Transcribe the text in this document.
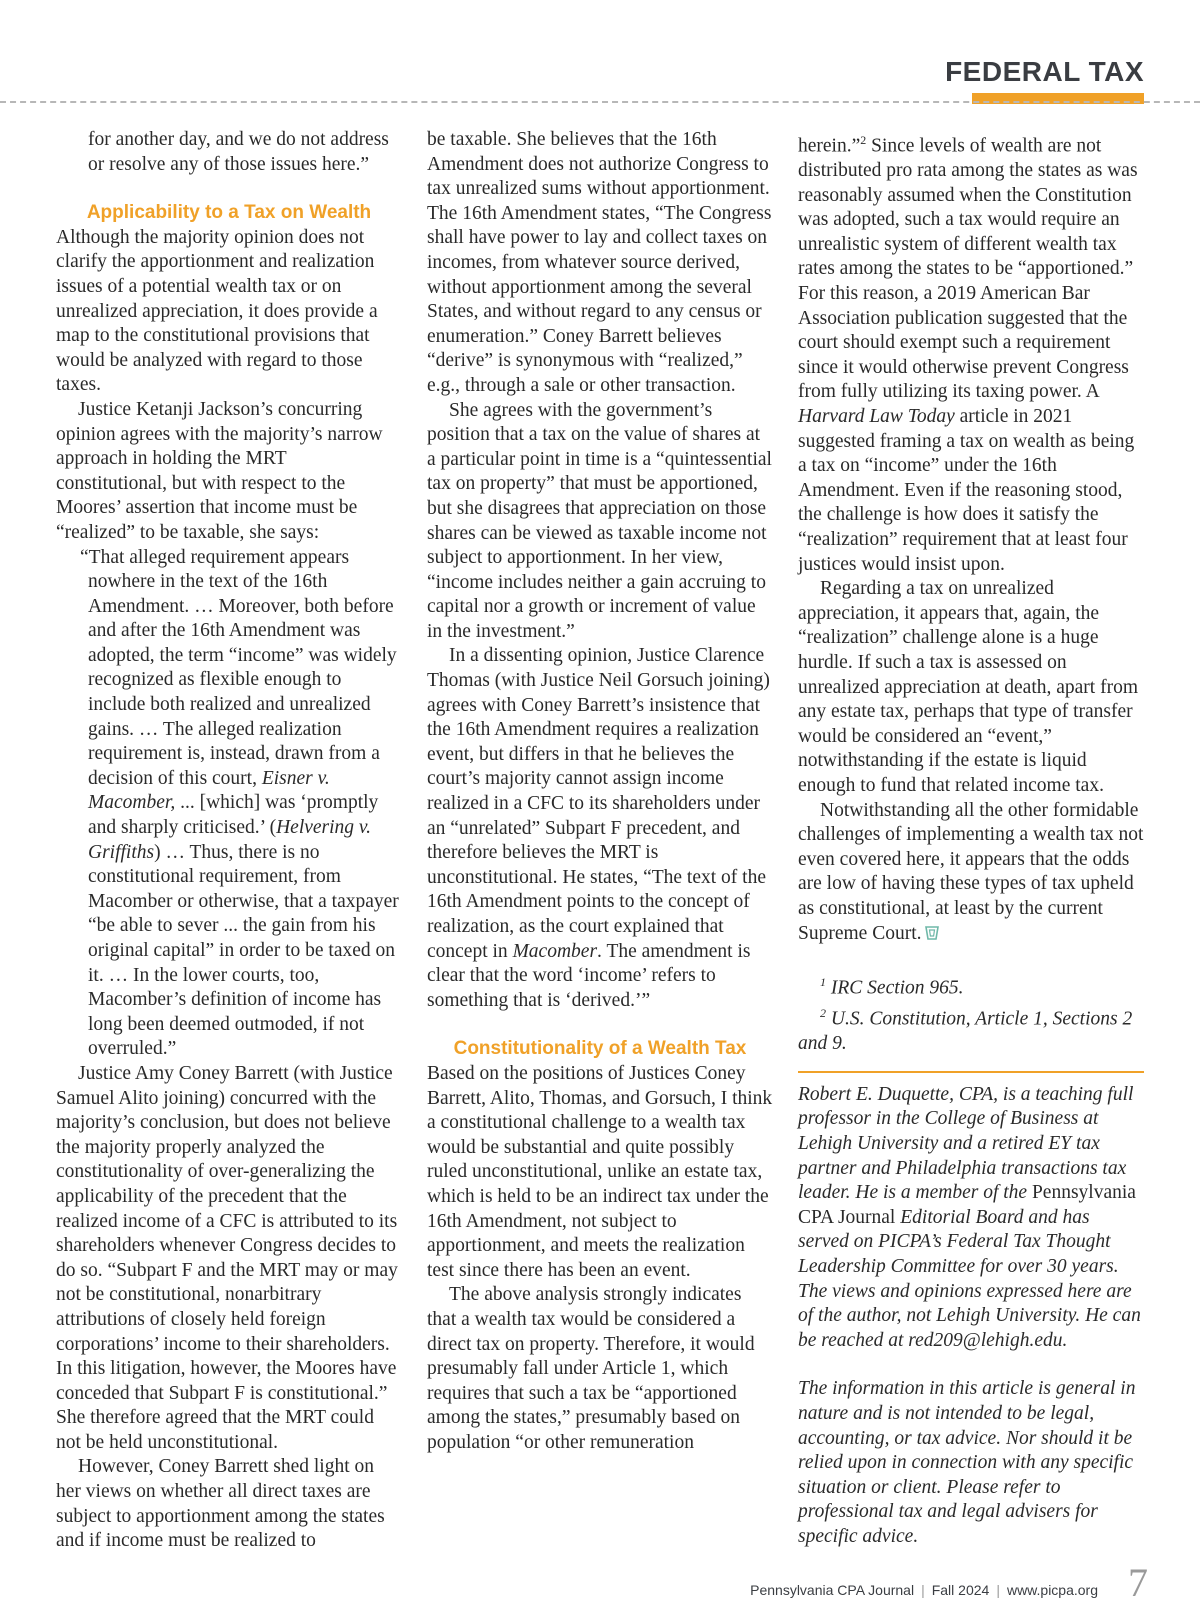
FEDERAL TAX

for another day, and we do not address or resolve any of those issues here.”

Applicability to a Tax on Wealth

Although the majority opinion does not clarify the apportionment and realization issues of a potential wealth tax or on unrealized appreciation, it does provide a map to the constitutional provisions that would be analyzed with regard to those taxes.

Justice Ketanji Jackson’s concurring opinion agrees with the majority’s narrow approach in holding the MRT constitutional, but with respect to the Moores’ assertion that income must be “realized” to be taxable, she says:

“That alleged requirement appears nowhere in the text of the 16th Amendment. … Moreover, both before and after the 16th Amendment was adopted, the term “income” was widely recognized as flexible enough to include both realized and unrealized gains. … The alleged realization requirement is, instead, drawn from a decision of this court, Eisner v. Macomber, ... [which] was ‘promptly and sharply criticised.’ (Helvering v. Griffiths) … Thus, there is no constitutional requirement, from Macomber or otherwise, that a taxpayer “be able to sever ... the gain from his original capital” in order to be taxed on it. … In the lower courts, too, Macomber’s definition of income has long been deemed outmoded, if not overruled.”

Justice Amy Coney Barrett (with Justice Samuel Alito joining) concurred with the majority’s conclusion, but does not believe the majority properly analyzed the constitutionality of over-generalizing the applicability of the precedent that the realized income of a CFC is attributed to its shareholders whenever Congress decides to do so. “Subpart F and the MRT may or may not be constitutional, nonarbitrary attributions of closely held foreign corporations’ income to their shareholders. In this litigation, however, the Moores have conceded that Subpart F is constitutional.” She therefore agreed that the MRT could not be held unconstitutional.

However, Coney Barrett shed light on her views on whether all direct taxes are subject to apportionment among the states and if income must be realized to

be taxable. She believes that the 16th Amendment does not authorize Congress to tax unrealized sums without apportionment. The 16th Amendment states, “The Congress shall have power to lay and collect taxes on incomes, from whatever source derived, without apportionment among the several States, and without regard to any census or enumeration.” Coney Barrett believes “derive” is synonymous with “realized,” e.g., through a sale or other transaction.

She agrees with the government’s position that a tax on the value of shares at a particular point in time is a “quintessential tax on property” that must be apportioned, but she disagrees that appreciation on those shares can be viewed as taxable income not subject to apportionment. In her view, “income includes neither a gain accruing to capital nor a growth or increment of value in the investment.”

In a dissenting opinion, Justice Clarence Thomas (with Justice Neil Gorsuch joining) agrees with Coney Barrett’s insistence that the 16th Amendment requires a realization event, but differs in that he believes the court’s majority cannot assign income realized in a CFC to its shareholders under an “unrelated” Subpart F precedent, and therefore believes the MRT is unconstitutional. He states, “The text of the 16th Amendment points to the concept of realization, as the court explained that concept in Macomber. The amendment is clear that the word ‘income’ refers to something that is ‘derived.’”

Constitutionality of a Wealth Tax

Based on the positions of Justices Coney Barrett, Alito, Thomas, and Gorsuch, I think a constitutional challenge to a wealth tax would be substantial and quite possibly ruled unconstitutional, unlike an estate tax, which is held to be an indirect tax under the 16th Amendment, not subject to apportionment, and meets the realization test since there has been an event.

The above analysis strongly indicates that a wealth tax would be considered a direct tax on property. Therefore, it would presumably fall under Article 1, which requires that such a tax be “apportioned among the states,” presumably based on population “or other remuneration

herein.”$^2$ Since levels of wealth are not distributed pro rata among the states as was reasonably assumed when the Constitution was adopted, such a tax would require an unrealistic system of different wealth tax rates among the states to be “apportioned.” For this reason, a 2019 American Bar Association publication suggested that the court should exempt such a requirement since it would otherwise prevent Congress from fully utilizing its taxing power. A Harvard Law Today article in 2021 suggested framing a tax on wealth as being a tax on “income” under the 16th Amendment. Even if the reasoning stood, the challenge is how does it satisfy the “realization” requirement that at least four justices would insist upon.

Regarding a tax on unrealized appreciation, it appears that, again, the “realization” challenge alone is a huge hurdle. If such a tax is assessed on unrealized appreciation at death, apart from any estate tax, perhaps that type of transfer would be considered an “event,” notwithstanding if the estate is liquid enough to fund that related income tax.

Notwithstanding all the other formidable challenges of implementing a wealth tax not even covered here, it appears that the odds are low of having these types of tax upheld as constitutional, at least by the current Supreme Court.

$^1$ IRC Section 965.

$^2$ U.S. Constitution, Article 1, Sections 2 and 9.

Robert E. Duquette, CPA, is a teaching full professor in the College of Business at Lehigh University and a retired EY tax partner and Philadelphia transactions tax leader. He is a member of the Pennsylvania CPA Journal Editorial Board and has served on PICPA’s Federal Tax Thought Leadership Committee for over 30 years. The views and opinions expressed here are of the author, not Lehigh University. He can be reached at red209@lehigh.edu.

The information in this article is general in nature and is not intended to be legal, accounting, or tax advice. Nor should it be relied upon in connection with any specific situation or client. Please refer to professional tax and legal advisers for specific advice.

Pennsylvania CPA Journal | Fall 2024 | www.picpa.org 7
